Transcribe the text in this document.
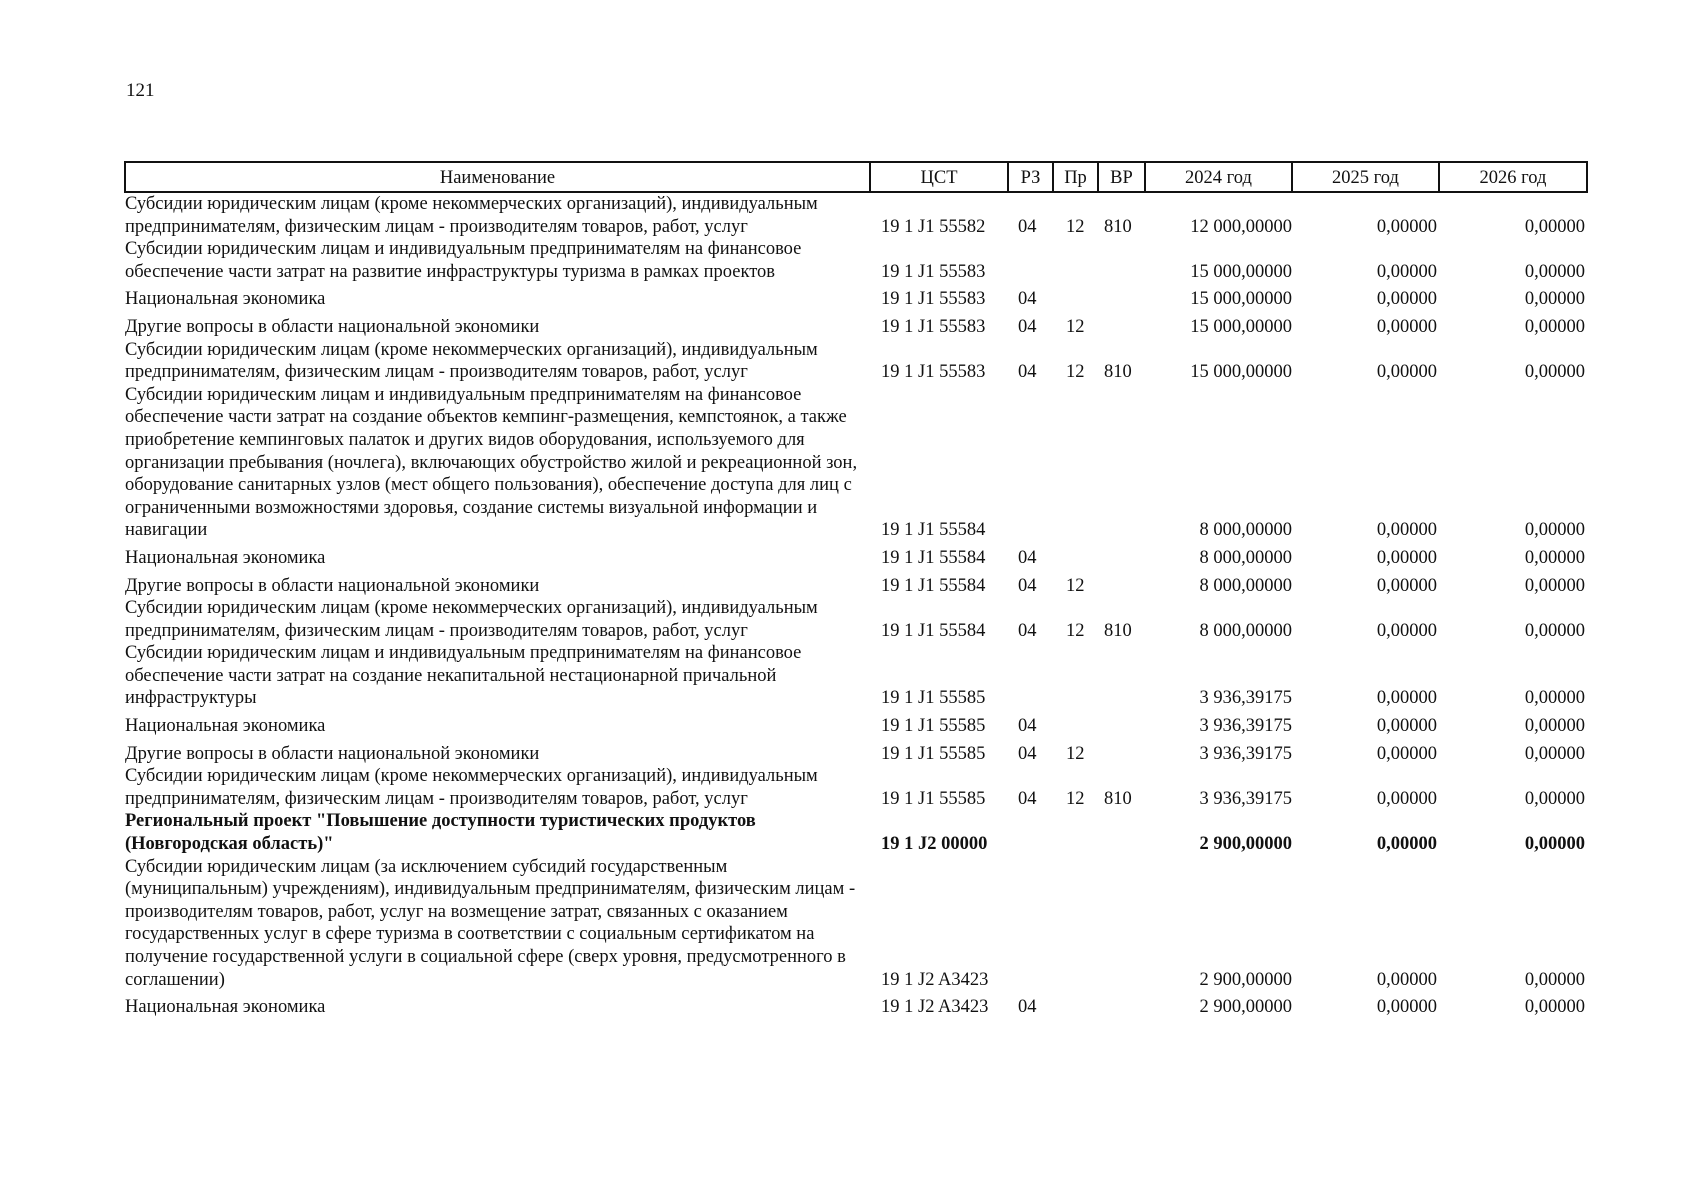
121
Наименование	ЦСТ	РЗ	Пр	ВР	2024 год	2025 год	2026 год
Субсидии юридическим лицам (кроме некоммерческих организаций), индивидуальным предпринимателям, физическим лицам - производителям товаров, работ, услуг	19 1 J1 55582	04	12	810	12 000,00000	0,00000	0,00000
Субсидии юридическим лицам и индивидуальным предпринимателям на финансовое обеспечение части затрат на развитие инфраструктуры туризма в рамках проектов	19 1 J1 55583				15 000,00000	0,00000	0,00000
Национальная экономика	19 1 J1 55583	04			15 000,00000	0,00000	0,00000
Другие вопросы в области национальной экономики	19 1 J1 55583	04	12		15 000,00000	0,00000	0,00000
Субсидии юридическим лицам (кроме некоммерческих организаций), индивидуальным предпринимателям, физическим лицам - производителям товаров, работ, услуг	19 1 J1 55583	04	12	810	15 000,00000	0,00000	0,00000
Субсидии юридическим лицам и индивидуальным предпринимателям на финансовое обеспечение части затрат на создание объектов кемпинг-размещения, кемпстоянок, а также приобретение кемпинговых палаток и других видов оборудования, используемого для организации пребывания (ночлега), включающих обустройство жилой и рекреационной зон, оборудование санитарных узлов (мест общего пользования), обеспечение доступа для лиц с ограниченными возможностями здоровья, создание системы визуальной информации и навигации	19 1 J1 55584				8 000,00000	0,00000	0,00000
Национальная экономика	19 1 J1 55584	04			8 000,00000	0,00000	0,00000
Другие вопросы в области национальной экономики	19 1 J1 55584	04	12		8 000,00000	0,00000	0,00000
Субсидии юридическим лицам (кроме некоммерческих организаций), индивидуальным предпринимателям, физическим лицам - производителям товаров, работ, услуг	19 1 J1 55584	04	12	810	8 000,00000	0,00000	0,00000
Субсидии юридическим лицам и индивидуальным предпринимателям на финансовое обеспечение части затрат на создание некапитальной нестационарной причальной инфраструктуры	19 1 J1 55585				3 936,39175	0,00000	0,00000
Национальная экономика	19 1 J1 55585	04			3 936,39175	0,00000	0,00000
Другие вопросы в области национальной экономики	19 1 J1 55585	04	12		3 936,39175	0,00000	0,00000
Субсидии юридическим лицам (кроме некоммерческих организаций), индивидуальным предпринимателям, физическим лицам - производителям товаров, работ, услуг	19 1 J1 55585	04	12	810	3 936,39175	0,00000	0,00000
Региональный проект "Повышение доступности туристических продуктов (Новгородская область)"	19 1 J2 00000				2 900,00000	0,00000	0,00000
Субсидии юридическим лицам (за исключением субсидий государственным (муниципальным) учреждениям), индивидуальным предпринимателям, физическим лицам - производителям товаров, работ, услуг на возмещение затрат, связанных с оказанием государственных услуг в сфере туризма в соответствии с социальным сертификатом на получение государственной услуги в социальной сфере (сверх уровня, предусмотренного в соглашении)	19 1 J2 A3423				2 900,00000	0,00000	0,00000
Национальная экономика	19 1 J2 A3423	04			2 900,00000	0,00000	0,00000
